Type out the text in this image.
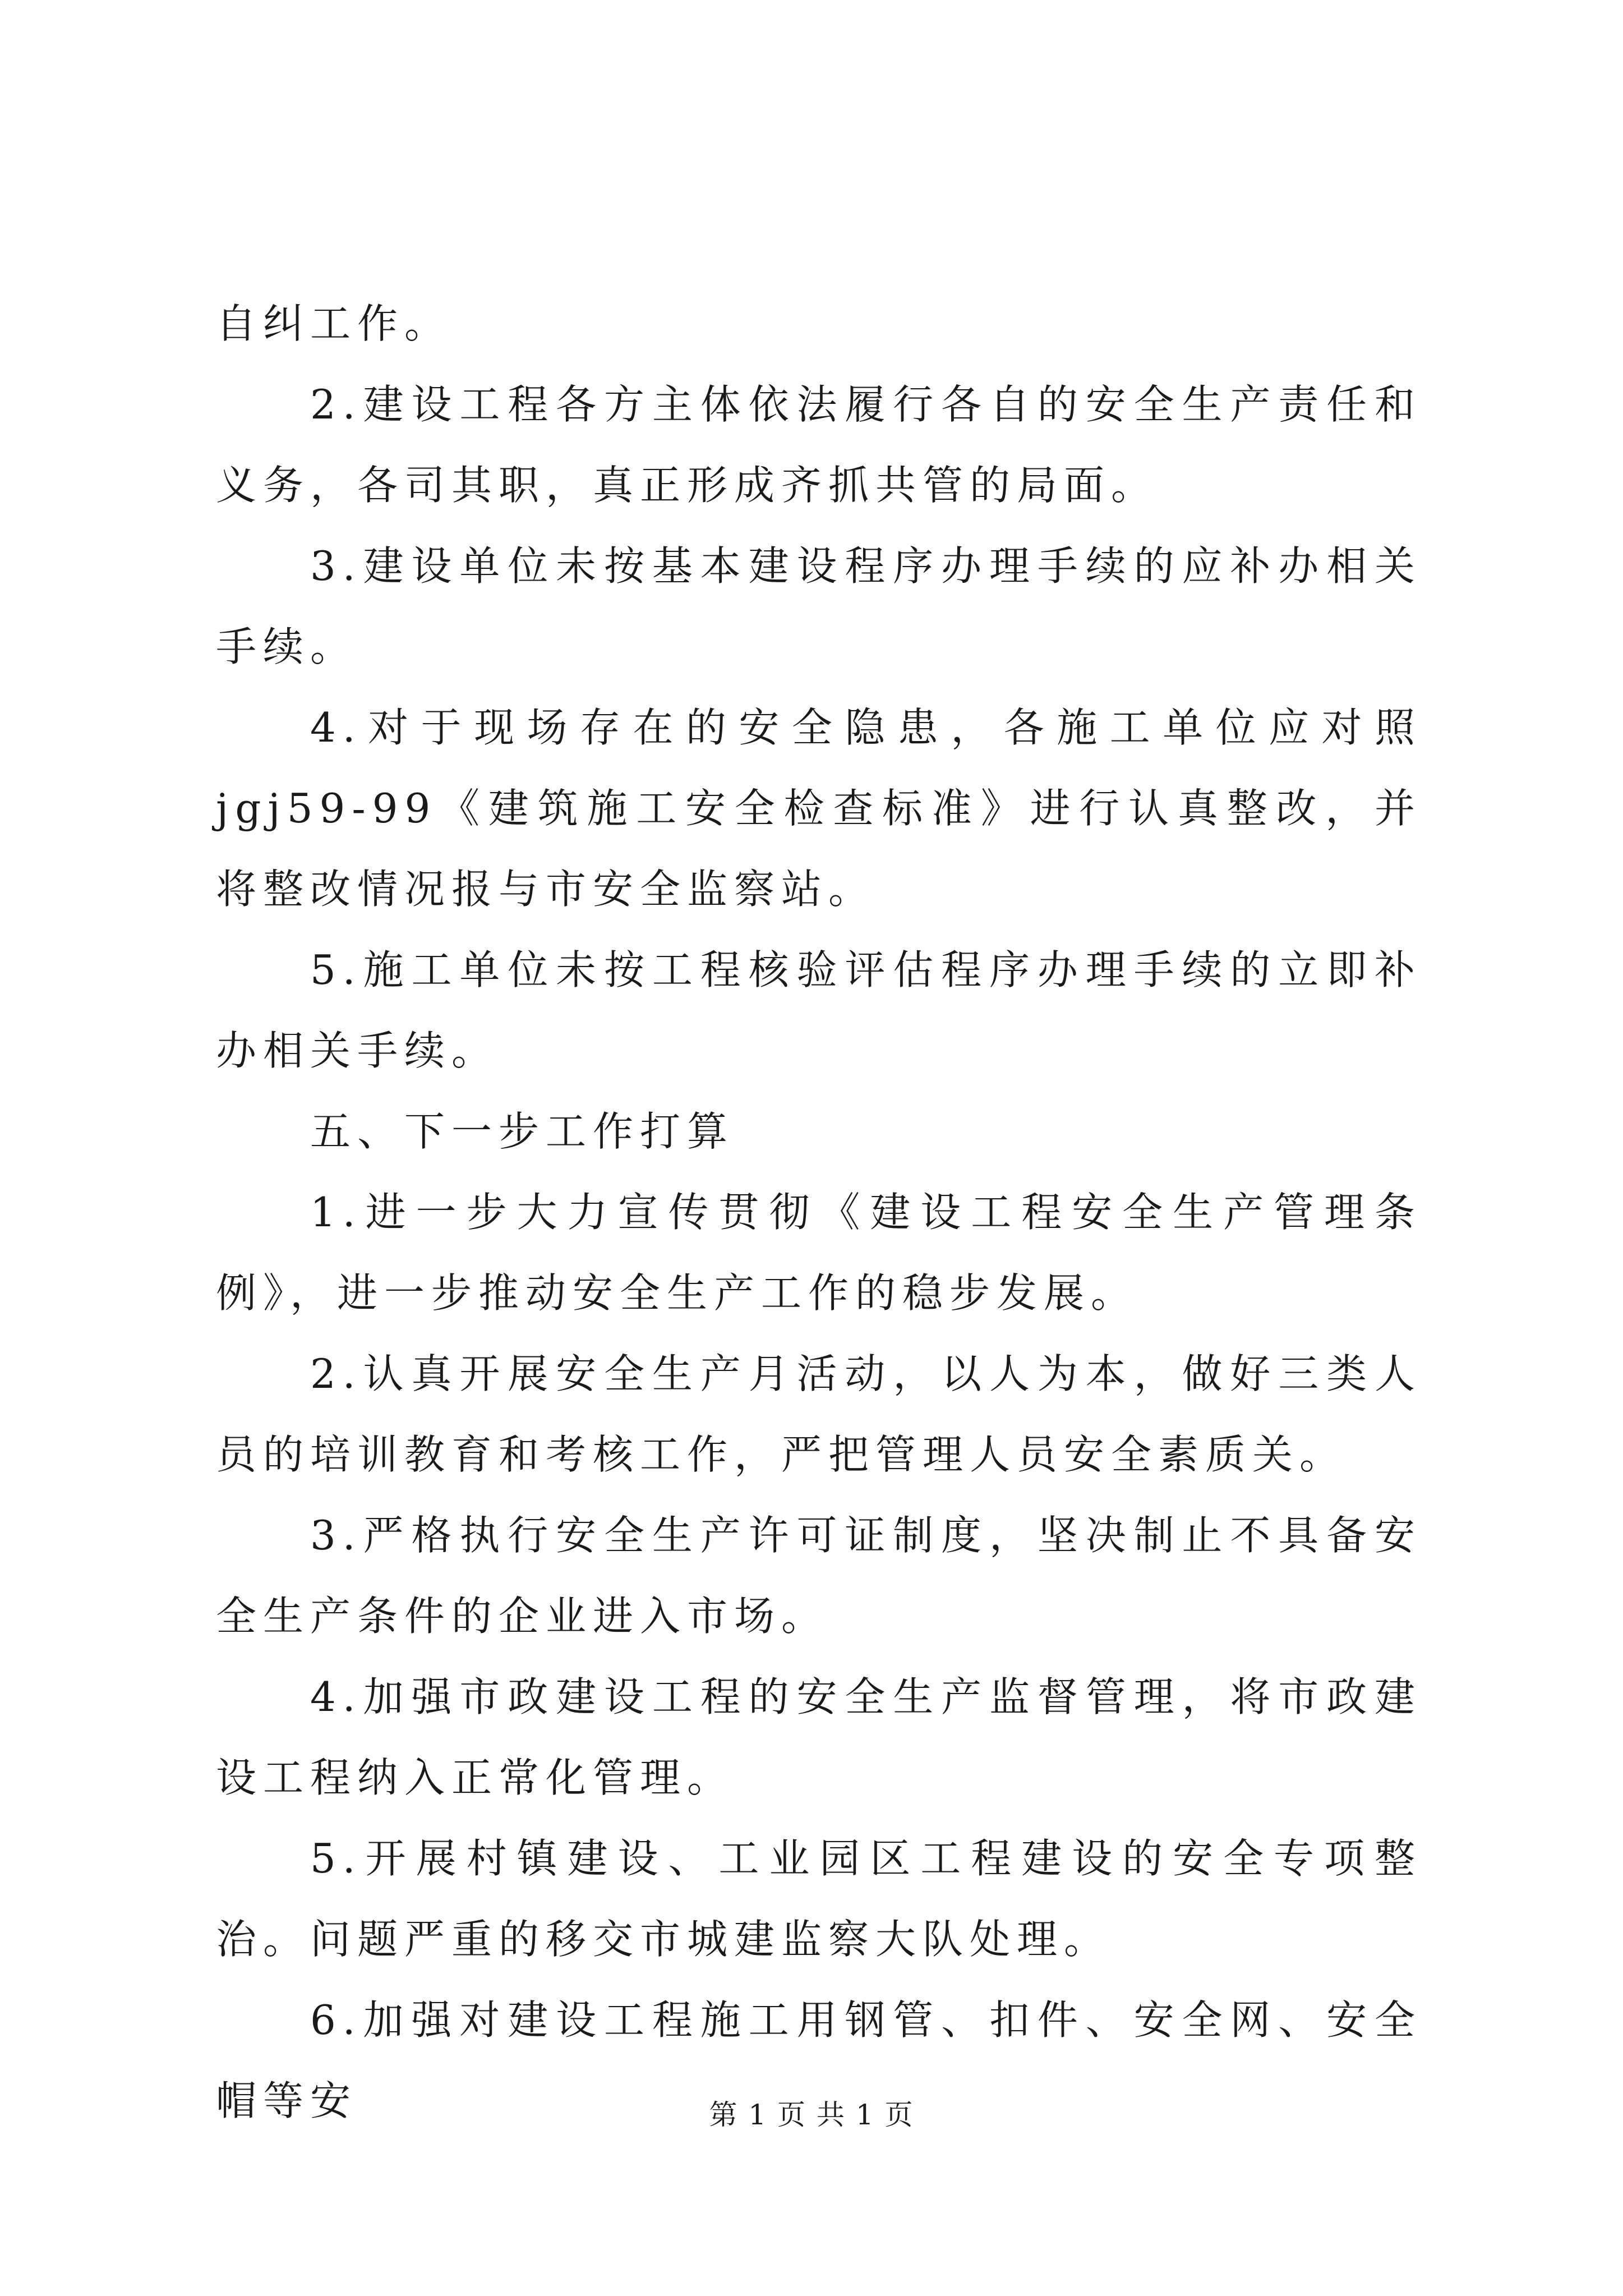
自纠工作。

2.建设工程各方主体依法履行各自的安全生产责任和义务，各司其职，真正形成齐抓共管的局面。

3.建设单位未按基本建设程序办理手续的应补办相关手续。

4.对于现场存在的安全隐患，各施工单位应对照 jgj59-99《建筑施工安全检查标准》进行认真整改，并将整改情况报与市安全监察站。

5.施工单位未按工程核验评估程序办理手续的立即补办相关手续。

五、下一步工作打算

1.进一步大力宣传贯彻《建设工程安全生产管理条例》，进一步推动安全生产工作的稳步发展。

2.认真开展安全生产月活动，以人为本，做好三类人员的培训教育和考核工作，严把管理人员安全素质关。

3.严格执行安全生产许可证制度，坚决制止不具备安全生产条件的企业进入市场。

4.加强市政建设工程的安全生产监督管理，将市政建设工程纳入正常化管理。

5.开展村镇建设、工业园区工程建设的安全专项整治。问题严重的移交市城建监察大队处理。

6.加强对建设工程施工用钢管、扣件、安全网、安全帽等安	第 1 页 共 1 页
